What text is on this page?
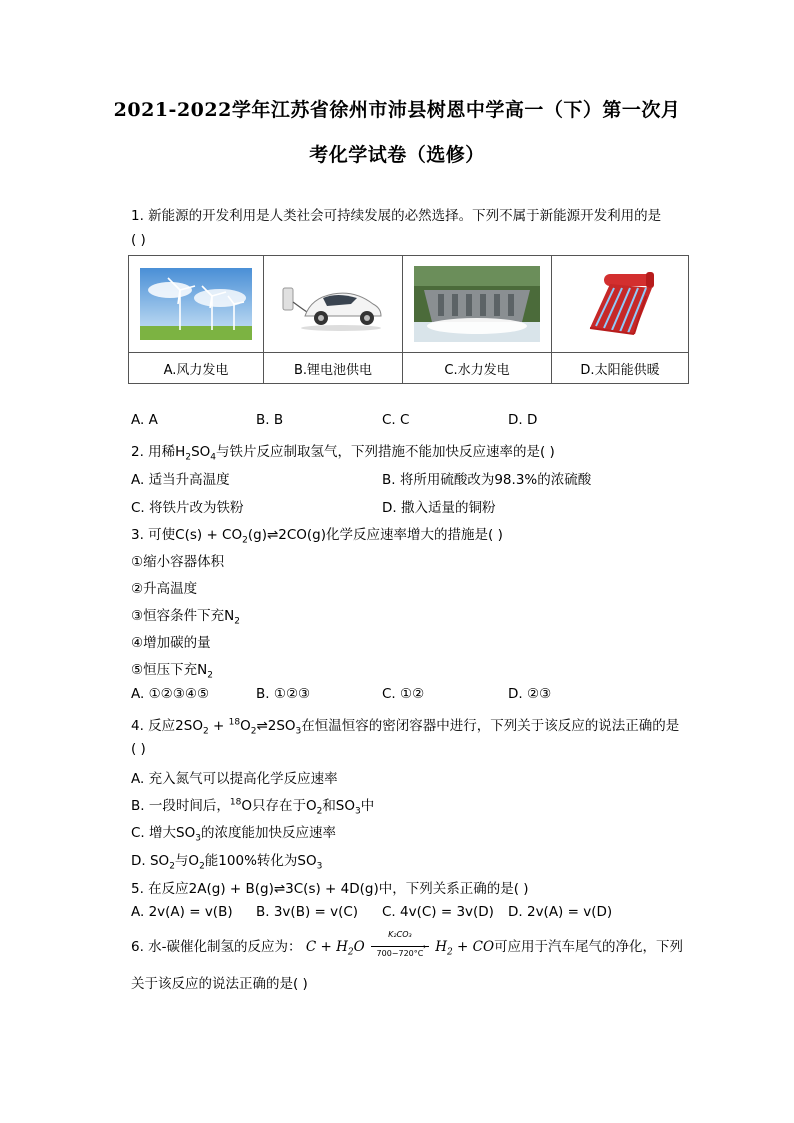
2021-2022学年江苏省徐州市沛县树恩中学高一（下）第一次月
考化学试卷（选修）
1. 新能源的开发利用是人类社会可持续发展的必然选择。下列不属于新能源开发利用的是
( )

A.风力发电	B.锂电池供电	C.水力发电	D.太阳能供暖
A. A	B. B	C. C	D. D
2. 用稀$H_2SO_4$与铁片反应制取氢气，下列措施不能加快反应速率的是( )
A. 适当升高温度	B. 将所用硫酸改为98.3%的浓硫酸
C. 将铁片改为铁粉	D. 撒入适量的铜粉
3. 可使$C(s) + CO_2(g)\rightleftharpoons 2CO(g)$化学反应速率增大的措施是( )
①缩小容器体积
②升高温度
③恒容条件下充$N_2$
④增加碳的量
⑤恒压下充$N_2$
A. ①②③④⑤	B. ①②③	C. ①②	D. ②③
4. 反应$2SO_2$ + $^{18}O_2\rightleftharpoons 2SO_3$在恒温恒容的密闭容器中进行，下列关于该反应的说法正确的是
( )
A. 充入氮气可以提高化学反应速率
B. 一段时间后，$^{18}$O只存在于$O_2$和$SO_3$中
C. 增大$SO_3$的浓度能加快反应速率
D. $SO_2$与$O_2$能100%转化为$SO_3$
5. 在反应2A(g) + B(g)⇌3C(s) + 4D(g)中，下列关系正确的是( )
A. 2v(A) = v(B) B. 3v(B) = v(C) C. 4v(C) = 3v(D) D. 2v(A) = v(D)
6. 水-碳催化制氢的反应为： $C + H_2O$
K₂CO₃
›
700−720°C $H_2$ + CO可应用于汽车尾气的净化，下列
关于该反应的说法正确的是( )
